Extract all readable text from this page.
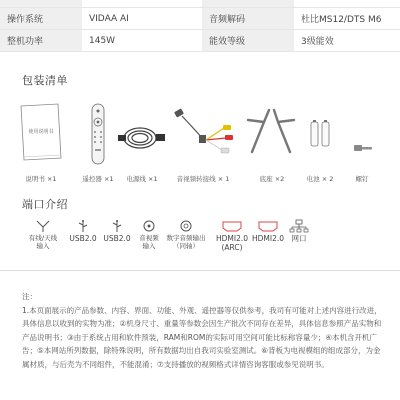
操作系统	VIDAA AI	音频解码	杜比MS12/DTS M6
整机功率	145W	能效等级	3级能效
包装清单
使用说明书
说明书 ×1	遥控器 ×1 电源线 ×1	音视频转接线 × 1	底座 ×2	电池 × 2	螺钉
端口介绍
有线/天线
输入
USB2.0 USB2.0 音视频
输入
数字音频输出
（同轴）
HDMI2.0
(ARC)
HDMI2.0 网口
注：
1.本页面展示的产品参数、内容、界面、功能、外观、遥控器等仅供参考，我司有可能对上述内容进行改进，具体信息以收到的实物为准；②机身尺寸、重量等参数会因生产批次不同存在差异，具体信息参照产品实物和产品说明书；③由于系统占用和软件预装，RAM和ROM的实际可用空间可能比标称容量少；④本机含开机广告；⑤本网站所列数据，除特殊说明，所有数据均出自我司实验室测试。⑥背板为电视模组的组成部分，为金属材质，与后壳为不同组件，不能混淆；⑦支持播放的视频格式详情咨询客服或参见说明书。
